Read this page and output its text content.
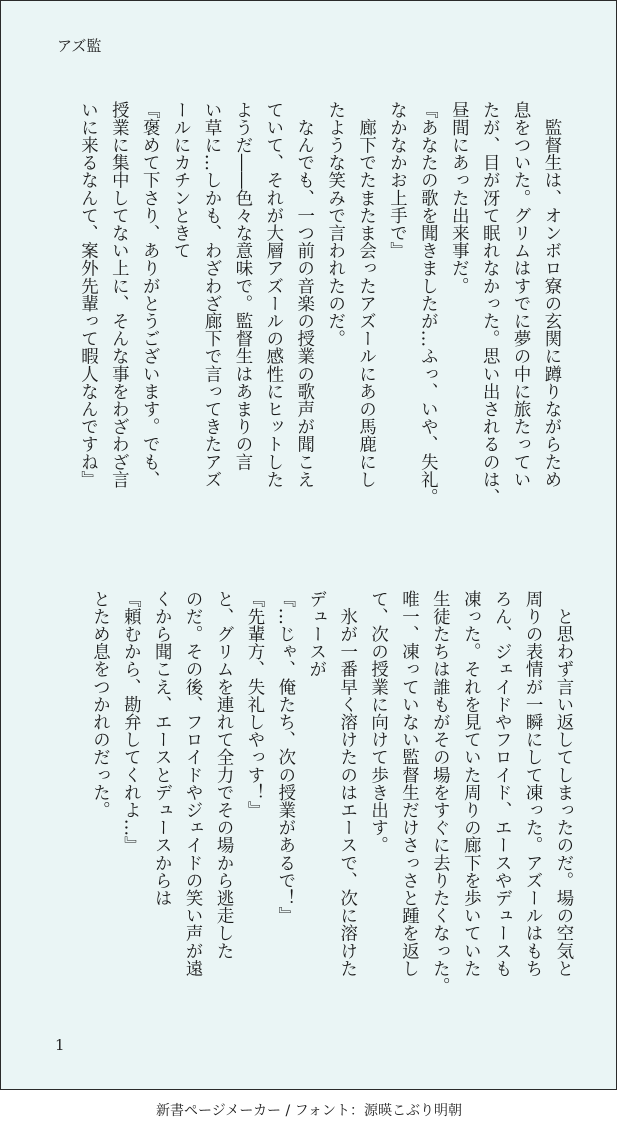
アズ監
　監督生は、オンボロ寮の玄関に蹲りながらため
息をついた。グリムはすでに夢の中に旅たってい
たが、目が冴て眠れなかった。思い出されるのは、
昼間にあった出来事だ。
『あなたの歌を聞きましたが…ふっ、いや、失礼。
なかなかお上手で』
　廊下でたまたま会ったアズールにあの馬鹿にし
たような笑みで言われたのだ。
　なんでも、一つ前の音楽の授業の歌声が聞こえ
ていて、それが大層アズールの感性にヒットした
ようだ――色々な意味で。監督生はあまりの言
い草に…しかも、わざわざ廊下で言ってきたアズ
ールにカチンときて
『褒めて下さり、ありがとうございます。でも、
授業に集中してない上に、そんな事をわざわざ言
いに来るなんて、案外先輩って暇人なんですね』
　と思わず言い返してしまったのだ。場の空気と
周りの表情が一瞬にして凍った。アズールはもち
ろん、ジェイドやフロイド、エースやデュースも
凍った。それを見ていた周りの廊下を歩いていた
生徒たちは誰もがその場をすぐに去りたくなった。
唯一、凍っていない監督生だけさっさと踵を返し
て、次の授業に向けて歩き出す。
　氷が一番早く溶けたのはエースで、次に溶けた
デュースが
『…じゃ、俺たち、次の授業があるで！』
『先輩方、失礼しやっす！』
と、グリムを連れて全力でその場から逃走した
のだ。その後、フロイドやジェイドの笑い声が遠
くから聞こえ、エースとデュースからは
『頼むから、勘弁してくれよ…』
とため息をつかれのだった。
1
新書ページメーカー / フォント：源暎こぶり明朝
